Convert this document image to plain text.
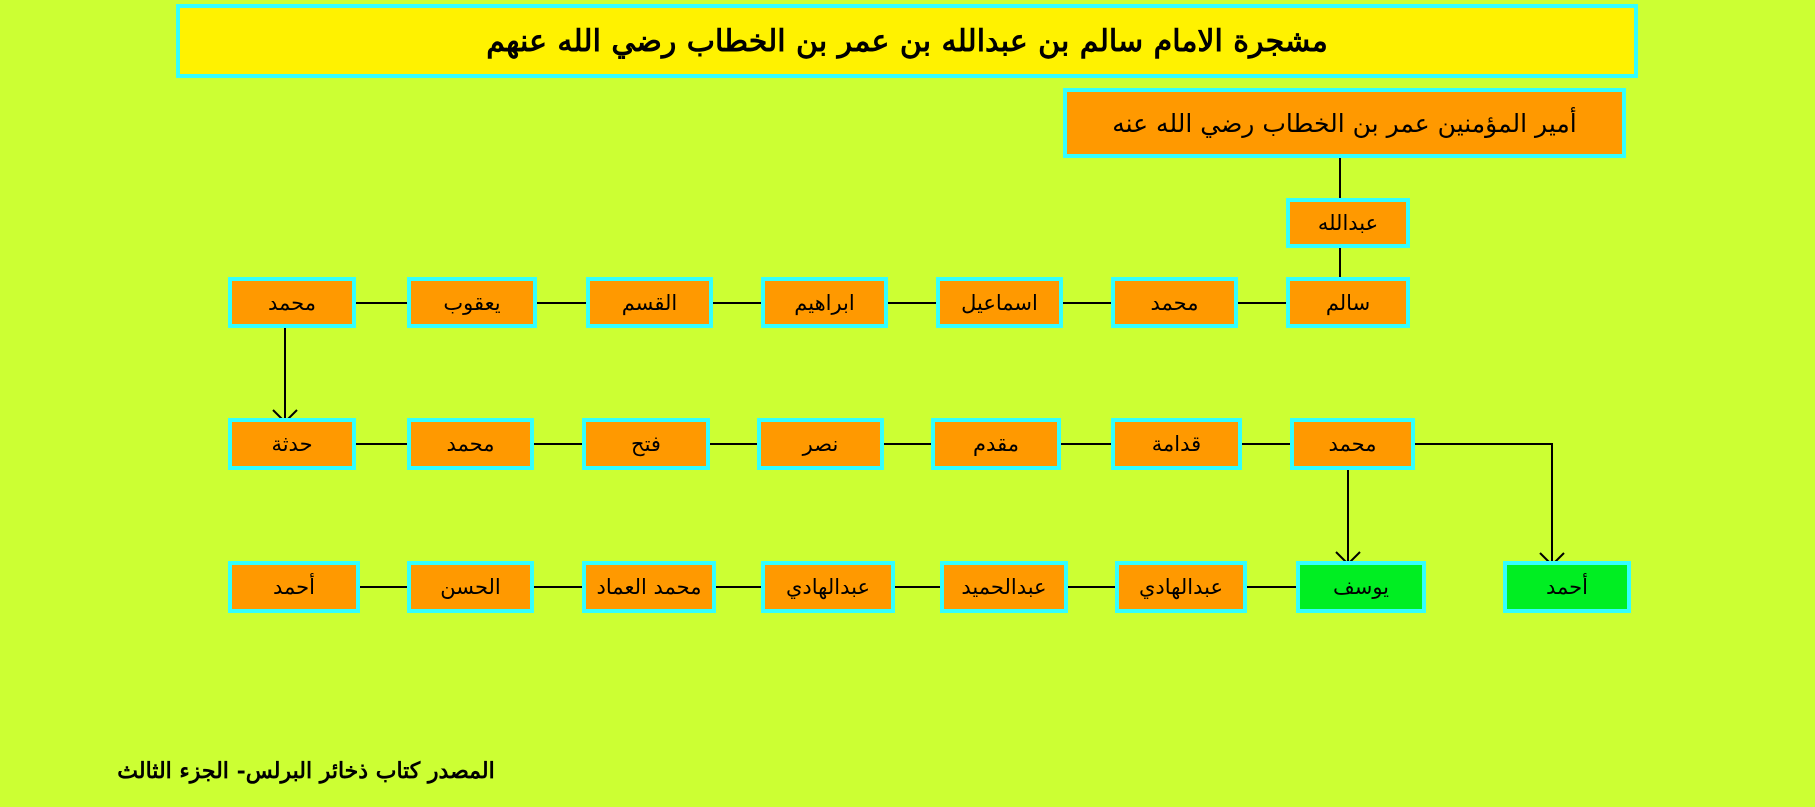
مشجرة الامام سالم بن عبدالله بن عمر بن الخطاب رضي الله عنهم
أمير المؤمنين عمر بن الخطاب رضي الله عنه
عبدالله
سالم
محمد
اسماعيل
ابراهيم
القسم
يعقوب
محمد
محمد
قدامة
مقدم
نصر
فتح
محمد
حدثة
يوسف
عبدالهادي
عبدالحميد
عبدالهادي
محمد العماد
الحسن
أحمد	أحمد
المصدر كتاب ذخائر البرلس- الجزء الثالث
